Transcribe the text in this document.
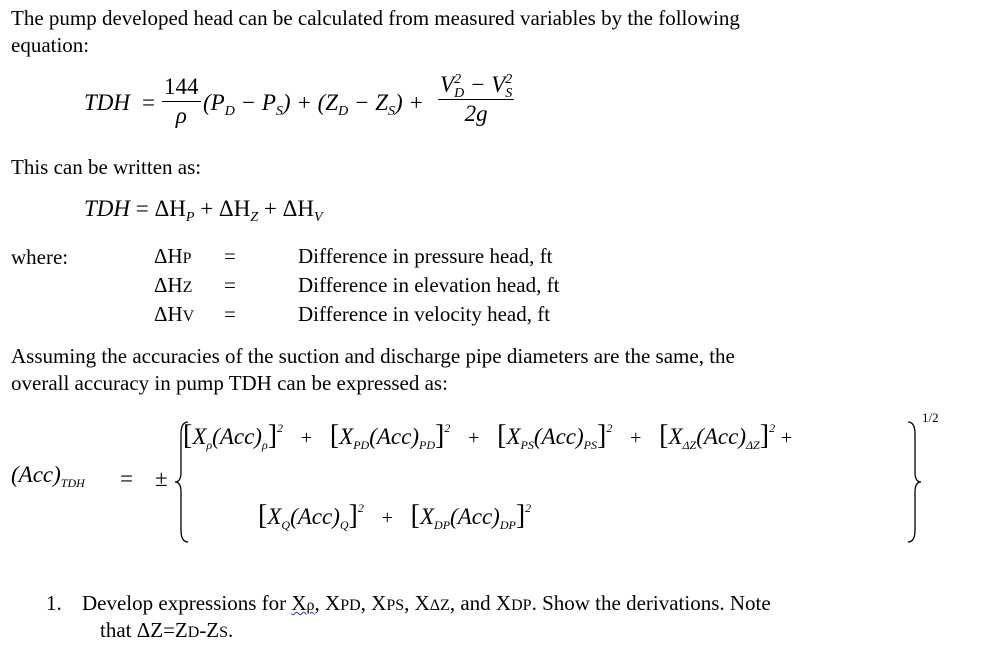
The pump developed head can be calculated from measured variables by the following
equation:
TDH = $\frac{144}{\rho} (P_D - P_S) + (Z_D - Z_S) + \frac{V^2_D - V^2_S}{2g}$
This can be written as:
TDH = $\Delta H_P + \Delta H_Z + \Delta H_V$
where:	ΔHP	=	Difference in pressure head, ft
ΔHZ	=	Difference in elevation head, ft
ΔHV	=	Difference in velocity head, ft
Assuming the accuracies of the suction and discharge pipe diameters are the same, the
overall accuracy in pump TDH can be expressed as:
$(Acc)_{TDH}$ = ±
1/2
$[X_\rho(Acc)_\rho]^2 + [X_{PD}(Acc)_{PD}]^2 + [X_{PS}(Acc)_{PS}]^2 + [X_{\Delta Z}(Acc)_{\Delta Z}]^2$ +
$[X_Q(Acc)_Q]^2 + [X_{DP}(Acc)_{DP}]^2$
1. Develop expressions for Xρ, XPD, XPS, XΔZ, and XDP. Show the derivations. Note
that ΔZ=ZD-ZS.
